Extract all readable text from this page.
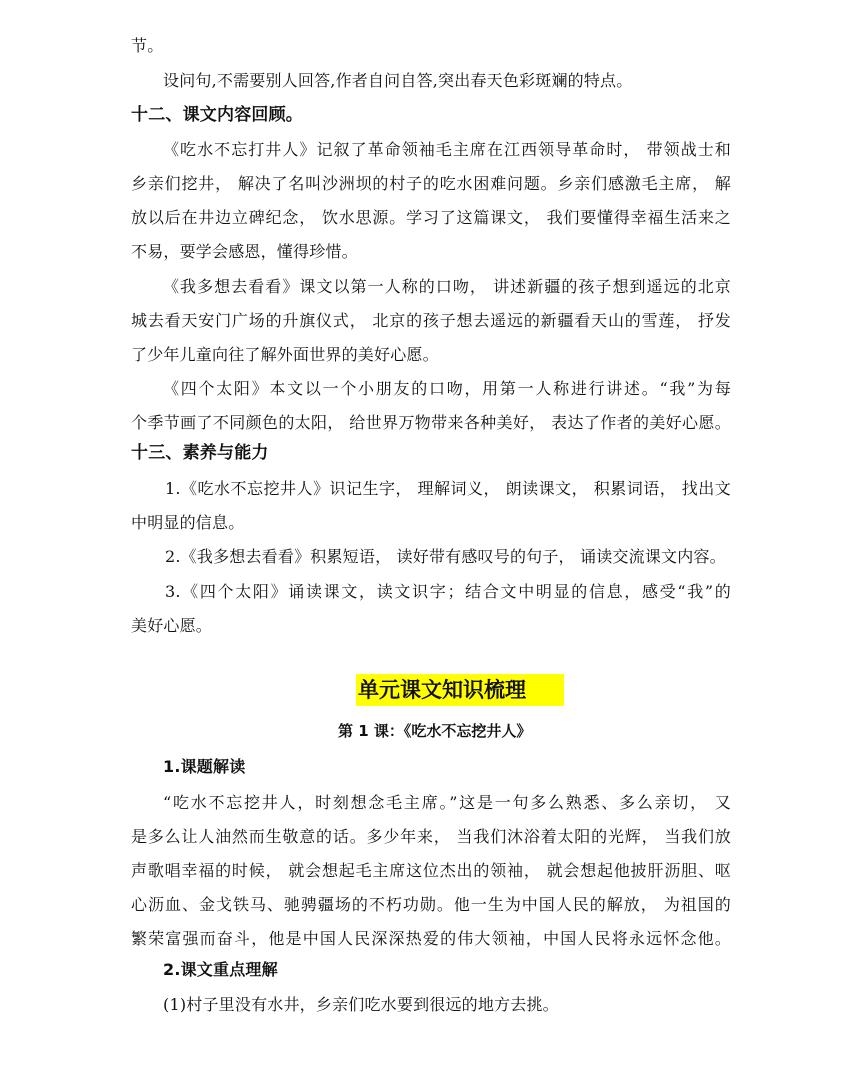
节。
设问句,不需要别人回答,作者自问自答,突出春天色彩斑斓的特点。
十二、课文内容回顾。
《吃水不忘打井人》记叙了革命领袖毛主席在江西领导革命时， 带领战士和
乡亲们挖井， 解决了名叫沙洲坝的村子的吃水困难问题。乡亲们感激毛主席， 解
放以后在井边立碑纪念， 饮水思源。学习了这篇课文， 我们要懂得幸福生活来之
不易，要学会感恩，懂得珍惜。
《我多想去看看》课文以第一人称的口吻， 讲述新疆的孩子想到遥远的北京
城去看天安门广场的升旗仪式， 北京的孩子想去遥远的新疆看天山的雪莲， 抒发
了少年儿童向往了解外面世界的美好心愿。
《四个太阳》本文以一个小朋友的口吻，用第一人称进行讲述。“我”为每
个季节画了不同颜色的太阳， 给世界万物带来各种美好， 表达了作者的美好心愿。
十三、素养与能力
1.《吃水不忘挖井人》识记生字， 理解词义， 朗读课文， 积累词语， 找出文
中明显的信息。
2.《我多想去看看》积累短语， 读好带有感叹号的句子， 诵读交流课文内容。
3.《四个太阳》诵读课文，读文识字；结合文中明显的信息，感受“我”的
美好心愿。
单元课文知识梳理
第 1 课：《吃水不忘挖井人》
1.课题解读
“吃水不忘挖井人，时刻想念毛主席。”这是一句多么熟悉、多么亲切， 又
是多么让人油然而生敬意的话。多少年来， 当我们沐浴着太阳的光辉， 当我们放
声歌唱幸福的时候， 就会想起毛主席这位杰出的领袖， 就会想起他披肝沥胆、呕
心沥血、金戈铁马、驰骋疆场的不朽功勋。他一生为中国人民的解放， 为祖国的
繁荣富强而奋斗，他是中国人民深深热爱的伟大领袖，中国人民将永远怀念他。
2.课文重点理解
(1)村子里没有水井，乡亲们吃水要到很远的地方去挑。
